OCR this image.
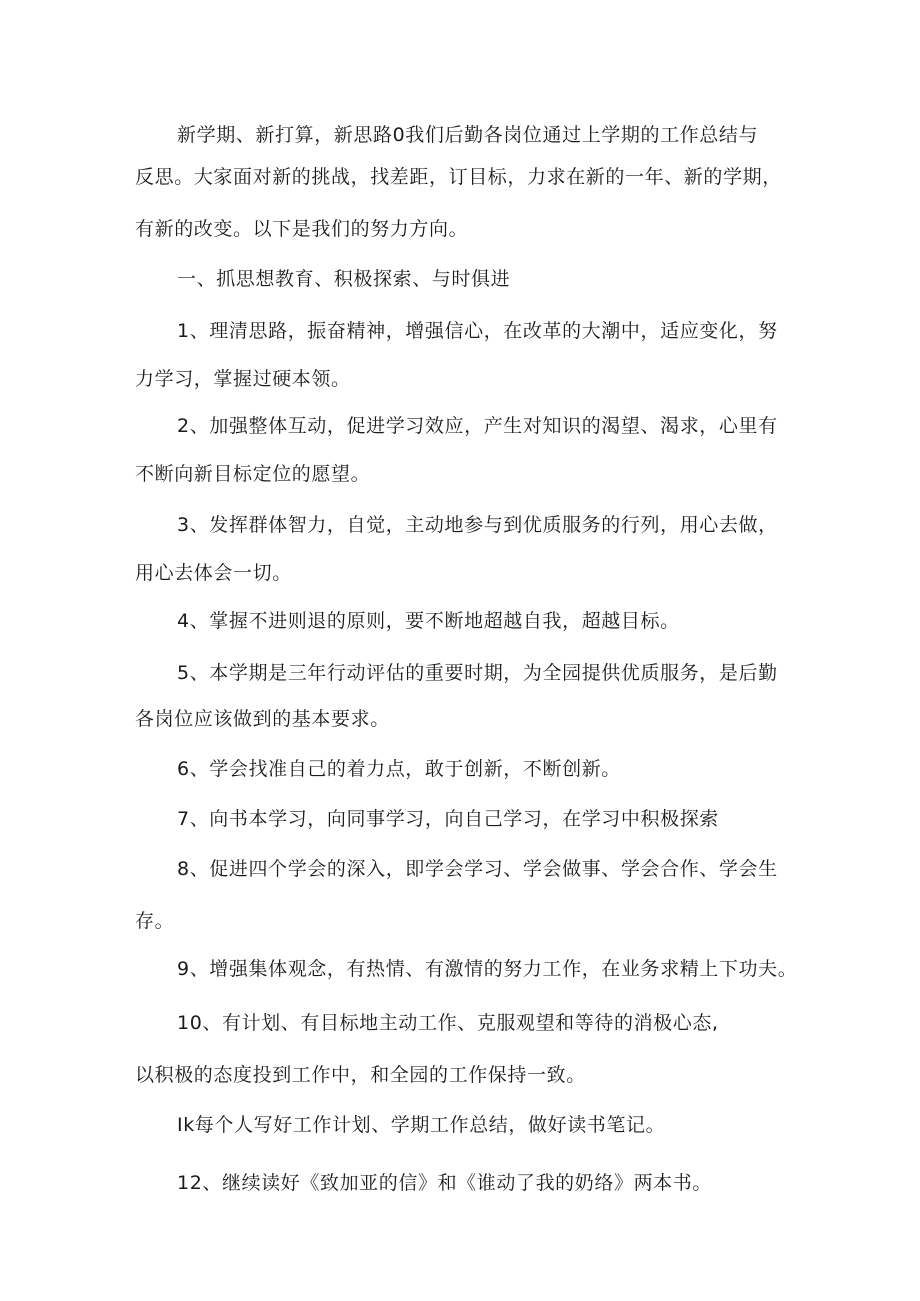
新学期、新打算，新思路0我们后勤各岗位通过上学期的工作总结与
反思。大家面对新的挑战，找差距，订目标，力求在新的一年、新的学期，
有新的改变。以下是我们的努力方向。
一、抓思想教育、积极探索、与时俱进
1、理清思路，振奋精神，增强信心，在改革的大潮中，适应变化，努
力学习，掌握过硬本领。
2、加强整体互动，促进学习效应，产生对知识的渴望、渴求，心里有
不断向新目标定位的愿望。
3、发挥群体智力，自觉，主动地参与到优质服务的行列，用心去做，
用心去体会一切。
4、掌握不进则退的原则，要不断地超越自我，超越目标。
5、本学期是三年行动评估的重要时期，为全园提供优质服务，是后勤
各岗位应该做到的基本要求。
6、学会找准自己的着力点，敢于创新，不断创新。
7、向书本学习，向同事学习，向自己学习，在学习中积极探索
8、促进四个学会的深入，即学会学习、学会做事、学会合作、学会生
存。
9、增强集体观念，有热情、有激情的努力工作，在业务求精上下功夫。
10、有计划、有目标地主动工作、克服观望和等待的消极心态,
以积极的态度投到工作中，和全园的工作保持一致。
Ik每个人写好工作计划、学期工作总结，做好读书笔记。
12、继续读好《致加亚的信》和《谁动了我的奶络》两本书。
